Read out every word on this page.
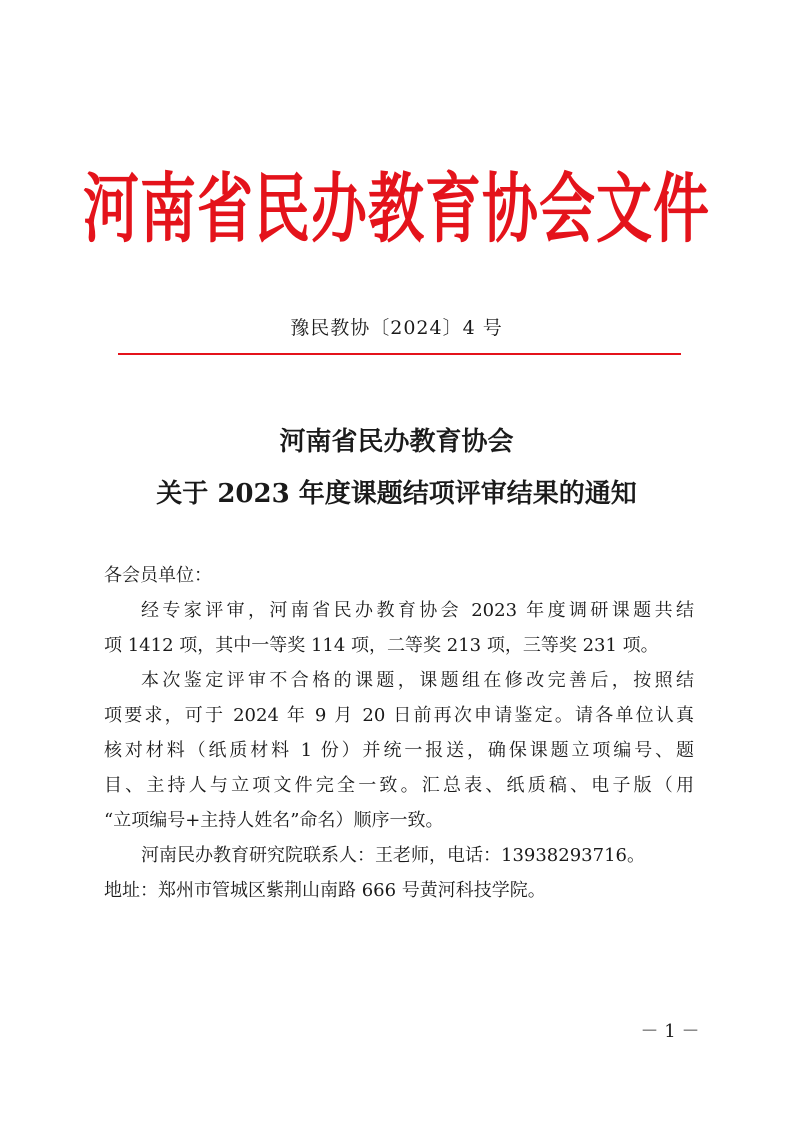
河南省民办教育协会文件
豫民教协〔2024〕4 号
河南省民办教育协会
关于 2023 年度课题结项评审结果的通知
各会员单位：
经专家评审，河南省民办教育协会 2023 年度调研课题共结
项 1412 项，其中一等奖 114 项，二等奖 213 项，三等奖 231 项。
本次鉴定评审不合格的课题，课题组在修改完善后，按照结
项要求，可于 2024 年 9 月 20 日前再次申请鉴定。请各单位认真
核对材料（纸质材料 1 份）并统一报送，确保课题立项编号、题
目、主持人与立项文件完全一致。汇总表、纸质稿、电子版（用
“立项编号+主持人姓名”命名）顺序一致。
河南民办教育研究院联系人：王老师，电话：13938293716。
地址：郑州市管城区紫荆山南路 666 号黄河科技学院。
－ 1 －
